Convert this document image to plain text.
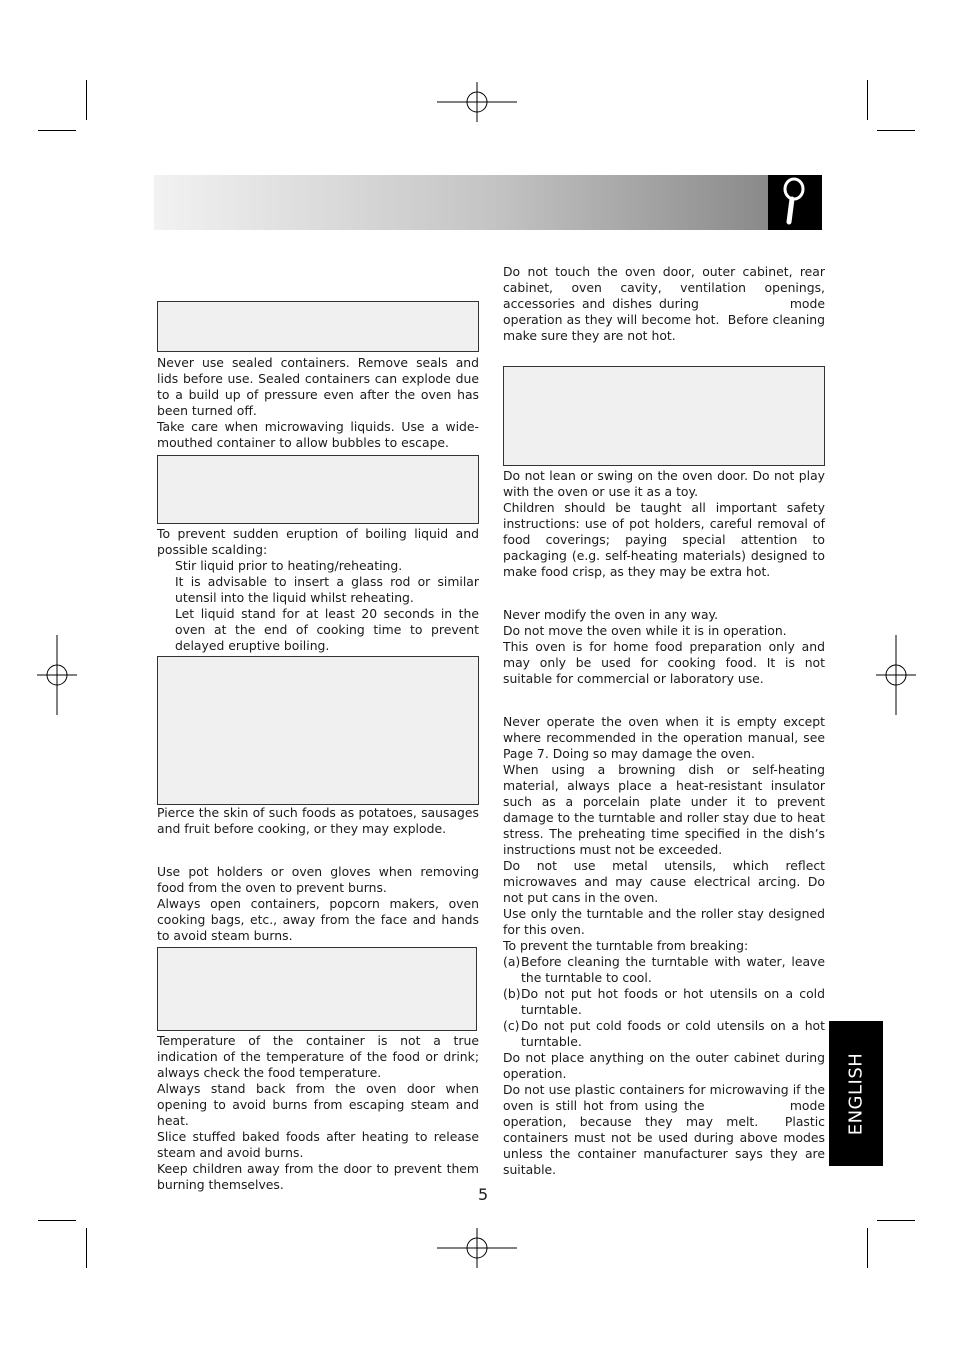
Never use sealed containers. Remove seals and lids before use. Sealed containers can explode due to a build up of pressure even after the oven has been turned off.

Take care when microwaving liquids. Use a wide-mouthed container to allow bubbles to escape.

To prevent sudden eruption of boiling liquid and possible scalding:

Stir liquid prior to heating/reheating.

It is advisable to insert a glass rod or similar utensil into the liquid whilst reheating.

Let liquid stand for at least 20 seconds in the oven at the end of cooking time to prevent delayed eruptive boiling.

Pierce the skin of such foods as potatoes, sausages and fruit before cooking, or they may explode.

Use pot holders or oven gloves when removing food from the oven to prevent burns.

Always open containers, popcorn makers, oven cooking bags, etc., away from the face and hands to avoid steam burns.

Temperature of the container is not a true indication of the temperature of the food or drink; always check the food temperature.

Always stand back from the oven door when opening to avoid burns from escaping steam and heat.

Slice stuffed baked foods after heating to release steam and avoid burns.

Keep children away from the door to prevent them burning themselves.

Do not touch the oven door, outer cabinet, rear cabinet, oven cavity, ventilation openings, accessories and dishes during             mode operation as they will become hot.  Before cleaning make sure they are not hot.

Do not lean or swing on the oven door. Do not play with the oven or use it as a toy.

Children should be taught all important safety instructions: use of pot holders, careful removal of food coverings; paying special attention to packaging (e.g. self-heating materials) designed to make food crisp, as they may be extra hot.

Never modify the oven in any way.

Do not move the oven while it is in operation.

This oven is for home food preparation only and may only be used for cooking food. It is not suitable for commercial or laboratory use.

Never operate the oven when it is empty except where recommended in the operation manual, see Page 7. Doing so may damage the oven.

When using a browning dish or self-heating material, always place a heat-resistant insulator such as a porcelain plate under it to prevent damage to the turntable and roller stay due to heat stress. The preheating time specified in the dish’s instructions must not be exceeded.

Do not use metal utensils, which reflect microwaves and may cause electrical arcing. Do not put cans in the oven.

Use only the turntable and the roller stay designed for this oven.

To prevent the turntable from breaking:

(a) Before cleaning the turntable with water, leave the turntable to cool.
(b) Do not put hot foods or hot utensils on a cold turntable.
(c) Do not put cold foods or cold utensils on a hot turntable.

Do not place anything on the outer cabinet during operation.

Do not use plastic containers for microwaving if the oven is still hot from using the              mode operation, because they may melt.  Plastic containers must not be used during above modes unless the container manufacturer says they are suitable.

5
ENGLISH
